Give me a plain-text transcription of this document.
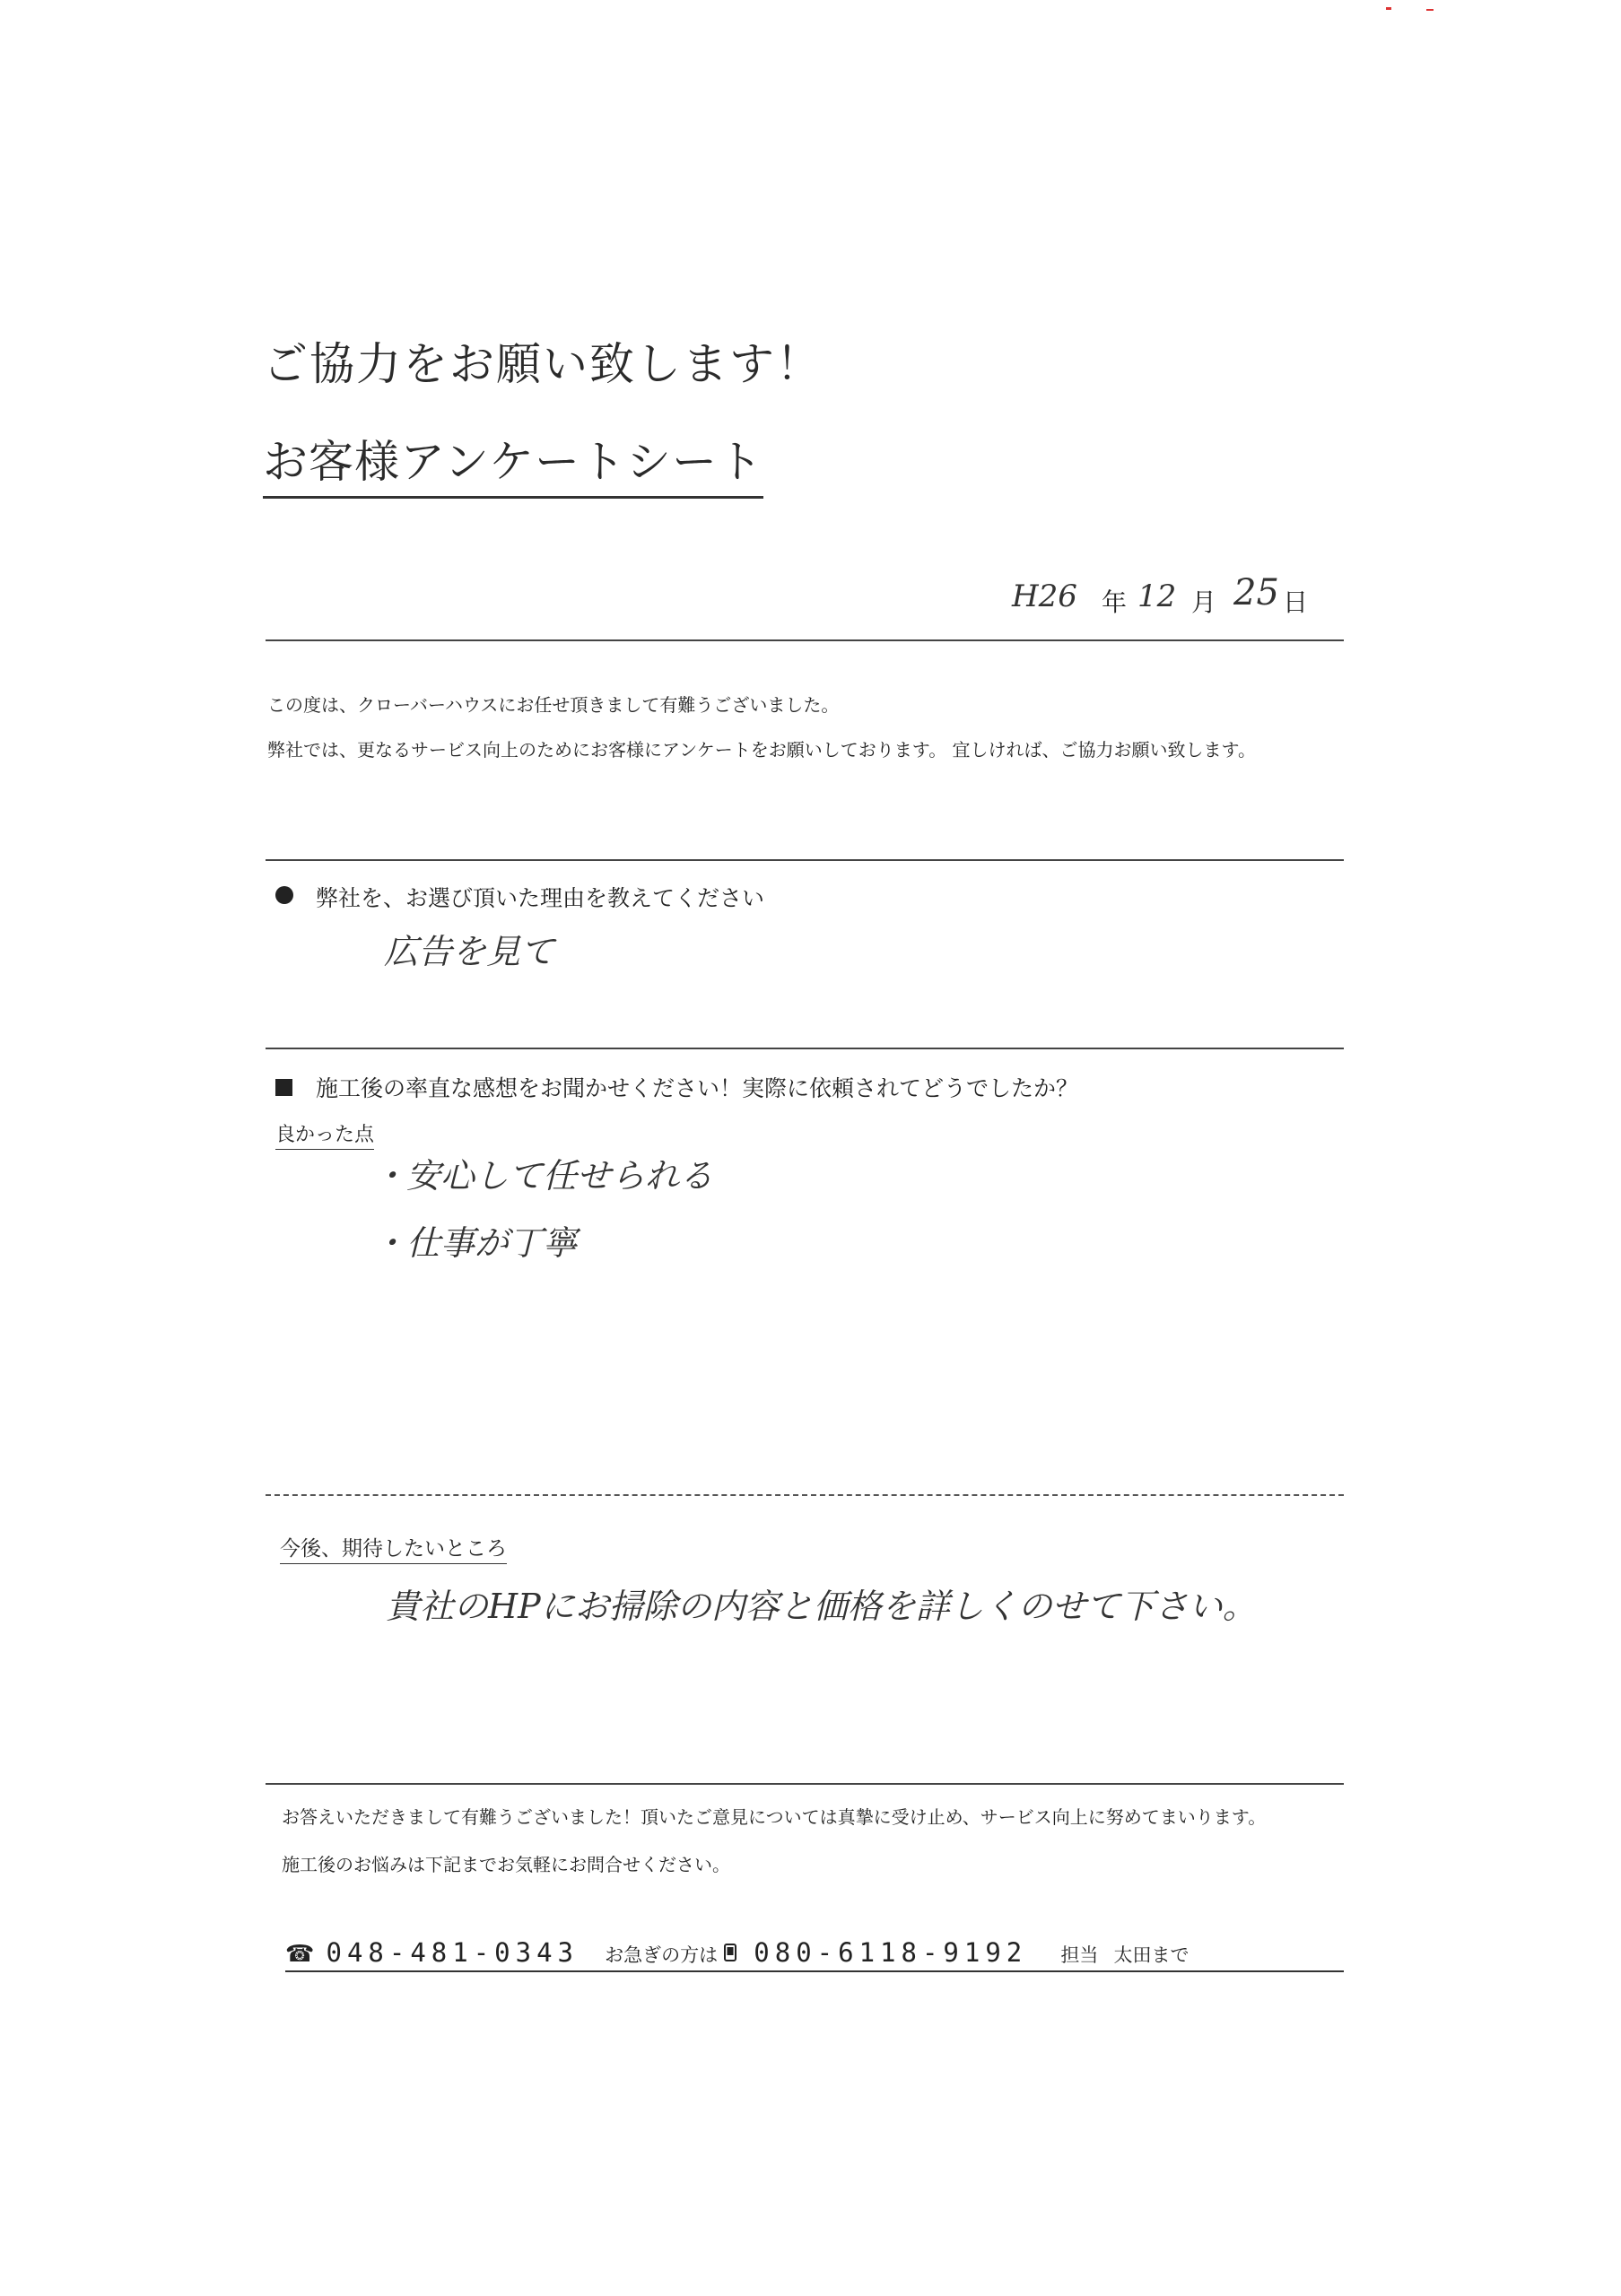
ご協力をお願い致します！
お客様アンケートシート
H26 年 12 月 25 日
この度は、クローバーハウスにお任せ頂きまして有難うございました。
弊社では、更なるサービス向上のためにお客様にアンケートをお願いしております。 宜しければ、ご協力お願い致します。
弊社を、お選び頂いた理由を教えてください
広告を見て
施工後の率直な感想をお聞かせください！実際に依頼されてどうでしたか？
良かった点
・安心して任せられる
・仕事が丁寧
今後、期待したいところ
貴社のHPにお掃除の内容と価格を詳しくのせて下さい。
お答えいただきまして有難うございました！頂いたご意見については真摯に受け止め、サービス向上に努めてまいります。
施工後のお悩みは下記までお気軽にお問合せください。
☎ 048-481-0343 お急ぎの方は 080-6118-9192 担当 太田まで
